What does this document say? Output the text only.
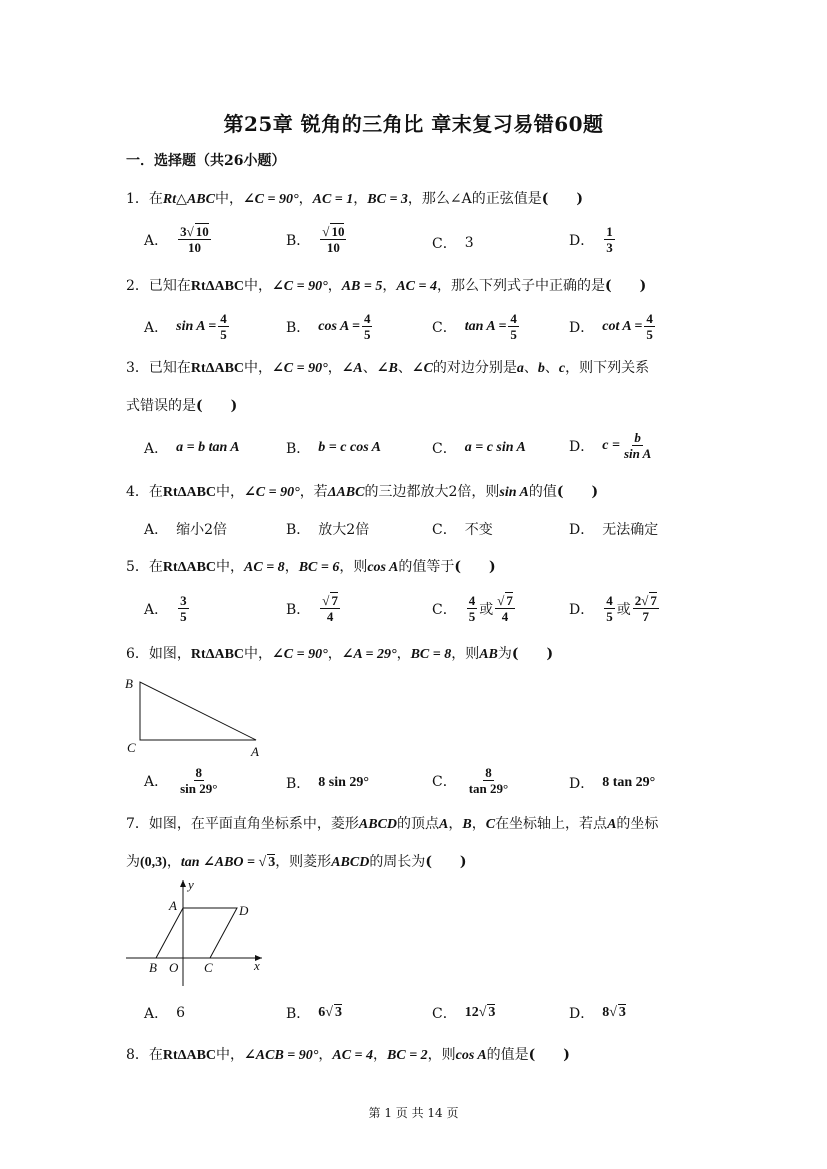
第25章 锐角的三角比 章末复习易错60题
一．选择题（共26小题）
1．在Rt△ABC中，∠C = 90°，AC = 1，BC = 3，那么∠A的正弦值是(　　)
A． $\frac{3√ 10}{10}$	B． $\frac{√ 10}{10}$	C． 3	D． $\frac{1}{3}$
2．已知在RtΔABC中，∠C = 90°，AB = 5，AC = 4，那么下列式子中正确的是(　　)
A． $\sin A = \frac{4}{5}$	B． $\cos A = \frac{4}{5}$	C． $\tan A = \frac{4}{5}$	D． $\cot A = \frac{4}{5}$
3．已知在RtΔABC中，∠C = 90°，∠A、∠B、∠C的对边分别是a、b、c，则下列关系
式错误的是(　　)
A． a = b tan A	B． b = c cos A	C． a = c sin A	D． $c = \frac{b}{\text{sin A}}$
4．在RtΔABC中，∠C = 90°，若ΔABC的三边都放大2倍，则sin A的值(　　)
A． 缩小2倍	B． 放大2倍	C． 不变	D． 无法确定
5．在RtΔABC中，AC = 8，BC = 6，则cos A的值等于(　　)
A． $\frac{3}{5}$	B． $\frac{√ 7}{4}$	C． $\frac{4}{5}$ 或 $\frac{√ 7}{4}$	D． $\frac{4}{5}$ 或 $\frac{2√ 7}{7}$
6．如图，RtΔABC中，∠C = 90°，∠A = 29°，BC = 8，则AB为(　　)
B
C	A
A． $\frac{8}{\sin 29^\circ}$	B． 8 sin 29°	C． $\frac{8}{\tan 29^\circ}$	D． 8 tan 29°
7．如图，在平面直角坐标系中，菱形ABCD的顶点A，B，C在坐标轴上，若点A的坐标
为(0,3)，tan ∠ABO = √ 3，则菱形ABCD的周长为(　　)
y
x
A	D
B O C
A． 6	B． 6√ 3	C． 12√ 3	D． 8√ 3
8．在RtΔABC中，∠ACB = 90°，AC = 4，BC = 2，则cos A的值是(　　)
第 1 页 共 14 页
